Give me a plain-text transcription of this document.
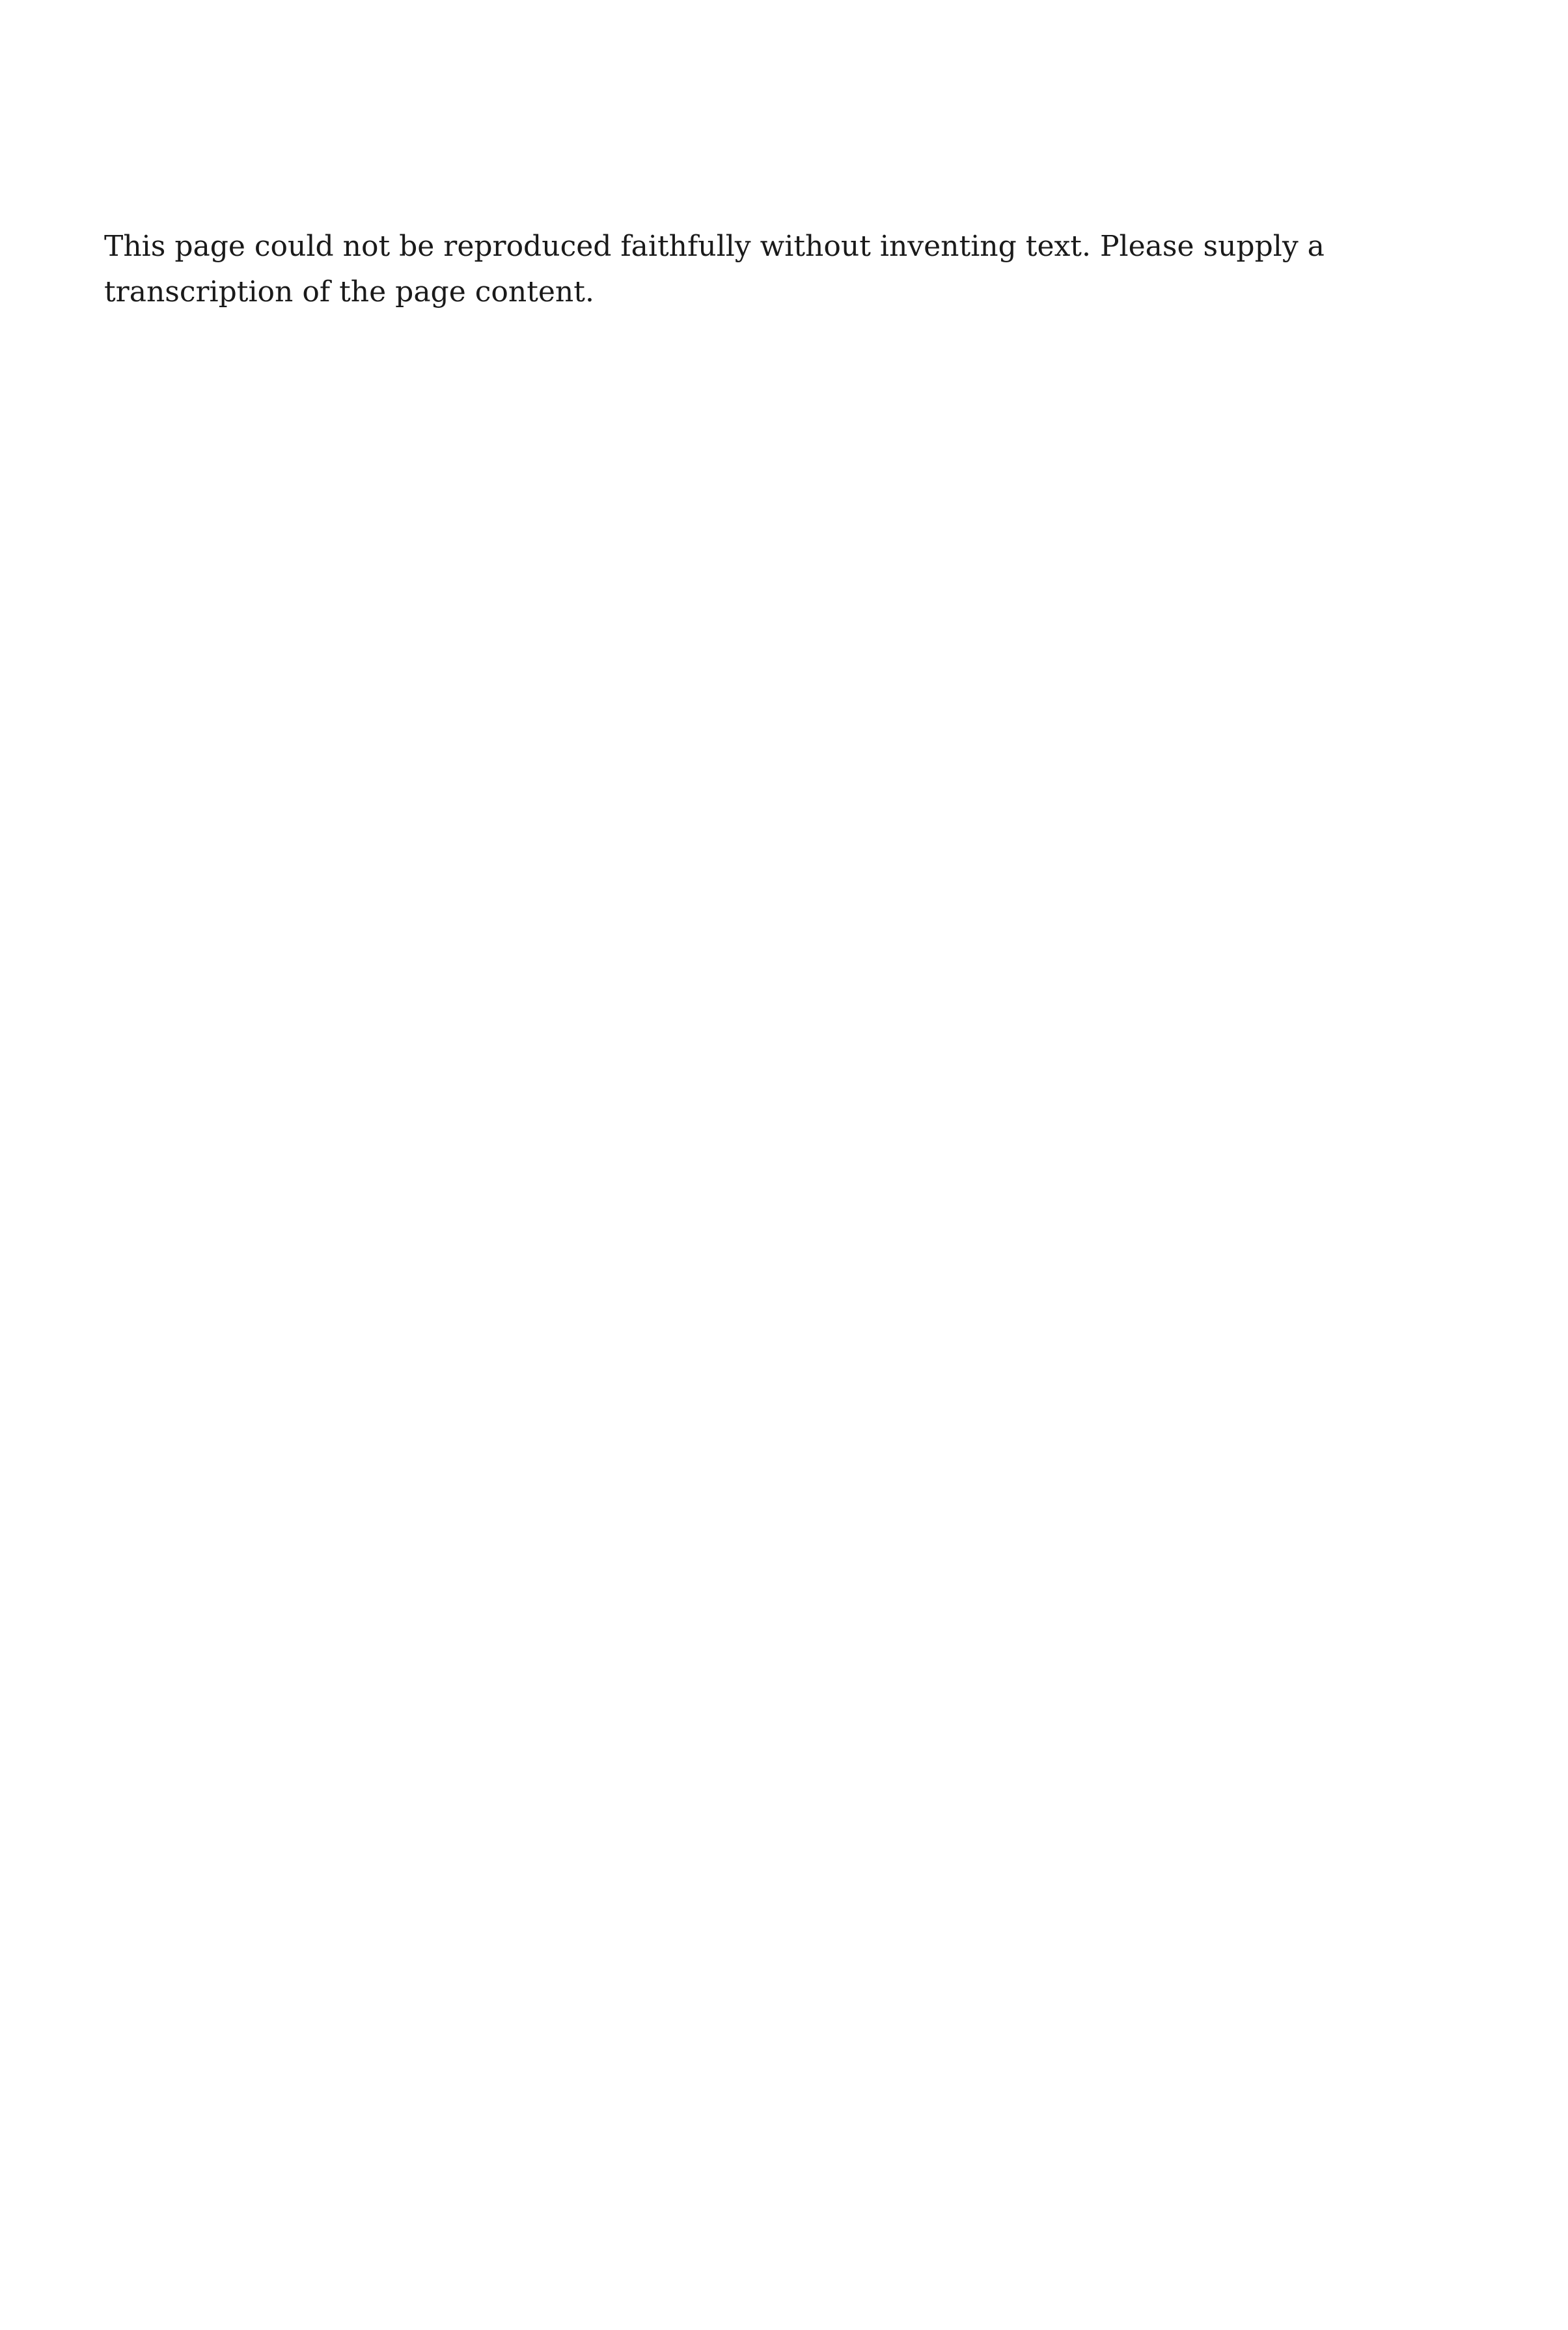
This page could not be reproduced faithfully without inventing text. Please supply a transcription of the page content.
